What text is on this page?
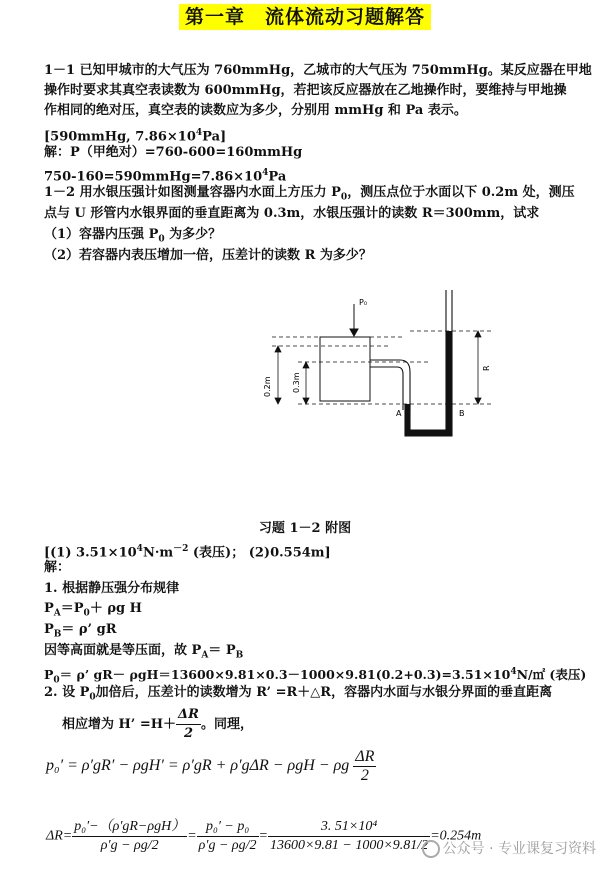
第一章　流体流动习题解答
1－1 已知甲城市的大气压为 760mmHg，乙城市的大气压为 750mmHg。某反应器在甲地
操作时要求其真空表读数为 600mmHg，若把该反应器放在乙地操作时，要维持与甲地操
作相同的绝对压，真空表的读数应为多少，分别用 mmHg 和 Pa 表示。
[590mmHg, $7.86\times 10^4Pa$]
解：P（甲绝对）=760-600=160mmHg
$750-160=590mmHg=7.86\times 10^4Pa$
1－2 用水银压强计如图测量容器内水面上方压力 $P_0$，测压点位于水面以下 0.2m 处，测压
点与 U 形管内水银界面的垂直距离为 0.3m，水银压强计的读数 R＝300mm，试求
（1）容器内压强 $P_0$ 为多少？
（2）若容器内表压增加一倍，压差计的读数 R 为多少？
P₀
0.2m	0.3m
R
A	B
习题 1－2 附图
[(1) $3.51\times 10^4N\cdot m^{-2}$ (表压)； (2)0.554m]
解：
1. 根据静压强分布规律
$P_A=P_0+ \rho g$ H
$P_B= \rho$’ gR
因等高面就是等压面，故 $P_A= P_B$
$P_0= \rho$’ $gR- \rho gH=13600\times 9.81\times 0.3-1000\times 9.81(0.2+0.3)=3.51\times 10^4N/㎡$ (表压)
2. 设 $P_0$加倍后，压差计的读数增为 R’ =R＋△R，容器内水面与水银分界面的垂直距离
相应增为 H’ $=H+ \frac{\Delta R}{2}$ 。同理，
p₀′ = ρ′gR′ − ρgH′ = ρ′gR + ρ′gΔR − ρgH − ρg $\frac{\Delta R}{2}$
$\Delta R= \frac{\text{p₀′−（ρ′gR−ρgH）}}{\rho'g - \rho g/2} = \frac{\text{p₀′ − p₀}}{\rho'g - \rho g/2} = \frac{\text{3. 51×10⁴}}{13600\times 9.81 - 1000\times 9.81/2} =0.254m$
公众号 · 专业课复习资料
